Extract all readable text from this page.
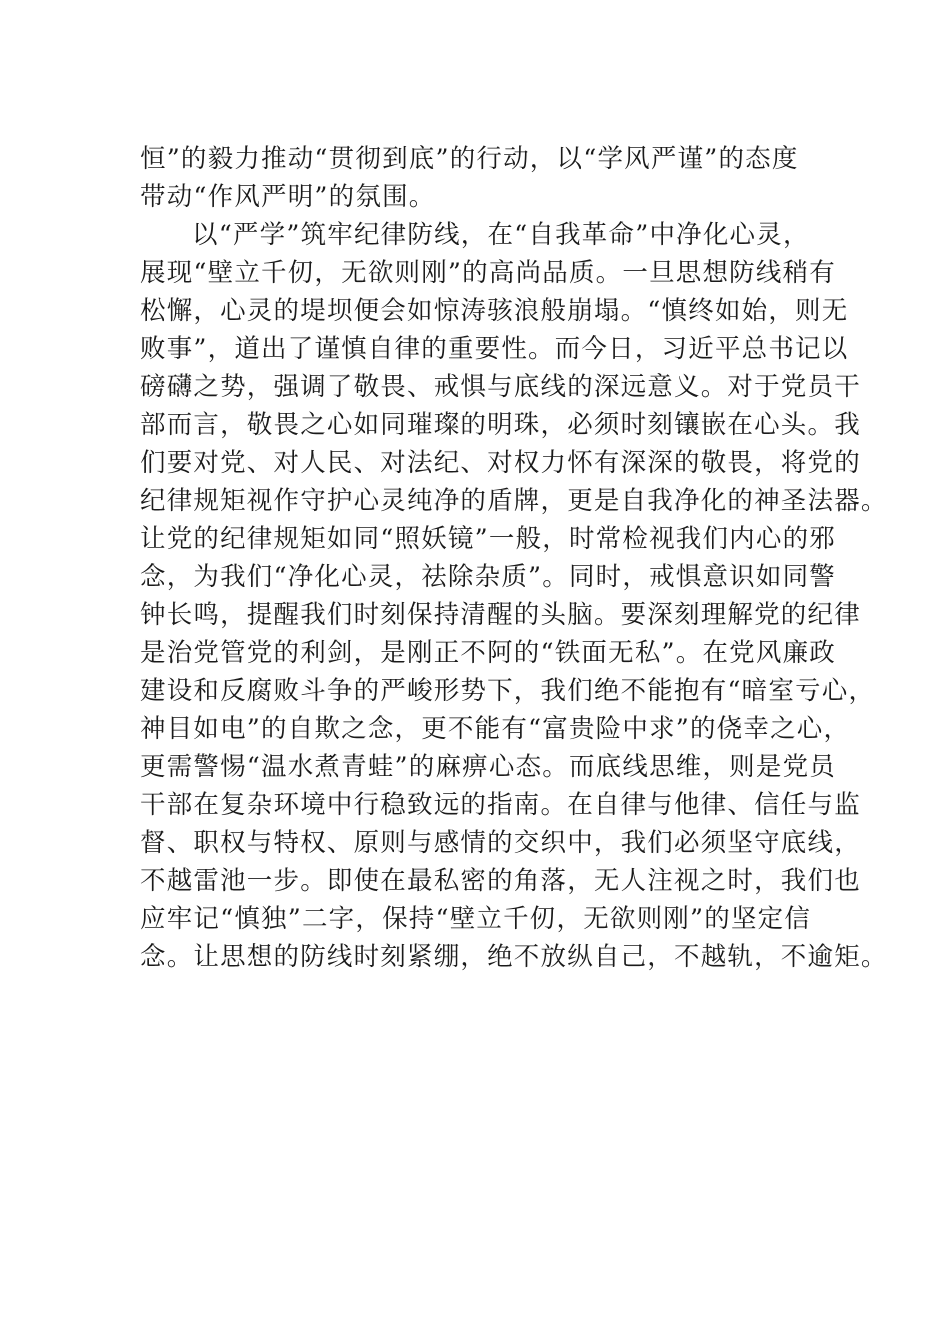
恒”的毅力推动“贯彻到底”的行动，以“学风严谨”的态度
带动“作风严明”的氛围。
以“严学”筑牢纪律防线，在“自我革命”中净化心灵，
展现“壁立千仞，无欲则刚”的高尚品质。一旦思想防线稍有
松懈，心灵的堤坝便会如惊涛骇浪般崩塌。“慎终如始，则无
败事”，道出了谨慎自律的重要性。而今日，习近平总书记以
磅礴之势，强调了敬畏、戒惧与底线的深远意义。对于党员干
部而言，敬畏之心如同璀璨的明珠，必须时刻镶嵌在心头。我
们要对党、对人民、对法纪、对权力怀有深深的敬畏，将党的
纪律规矩视作守护心灵纯净的盾牌，更是自我净化的神圣法器。
让党的纪律规矩如同“照妖镜”一般，时常检视我们内心的邪
念，为我们“净化心灵，祛除杂质”。同时，戒惧意识如同警
钟长鸣，提醒我们时刻保持清醒的头脑。要深刻理解党的纪律
是治党管党的利剑，是刚正不阿的“铁面无私”。在党风廉政
建设和反腐败斗争的严峻形势下，我们绝不能抱有“暗室亏心，
神目如电”的自欺之念，更不能有“富贵险中求”的侥幸之心，
更需警惕“温水煮青蛙”的麻痹心态。而底线思维，则是党员
干部在复杂环境中行稳致远的指南。在自律与他律、信任与监
督、职权与特权、原则与感情的交织中，我们必须坚守底线，
不越雷池一步。即使在最私密的角落，无人注视之时，我们也
应牢记“慎独”二字，保持“壁立千仞，无欲则刚”的坚定信
念。让思想的防线时刻紧绷，绝不放纵自己，不越轨，不逾矩。
